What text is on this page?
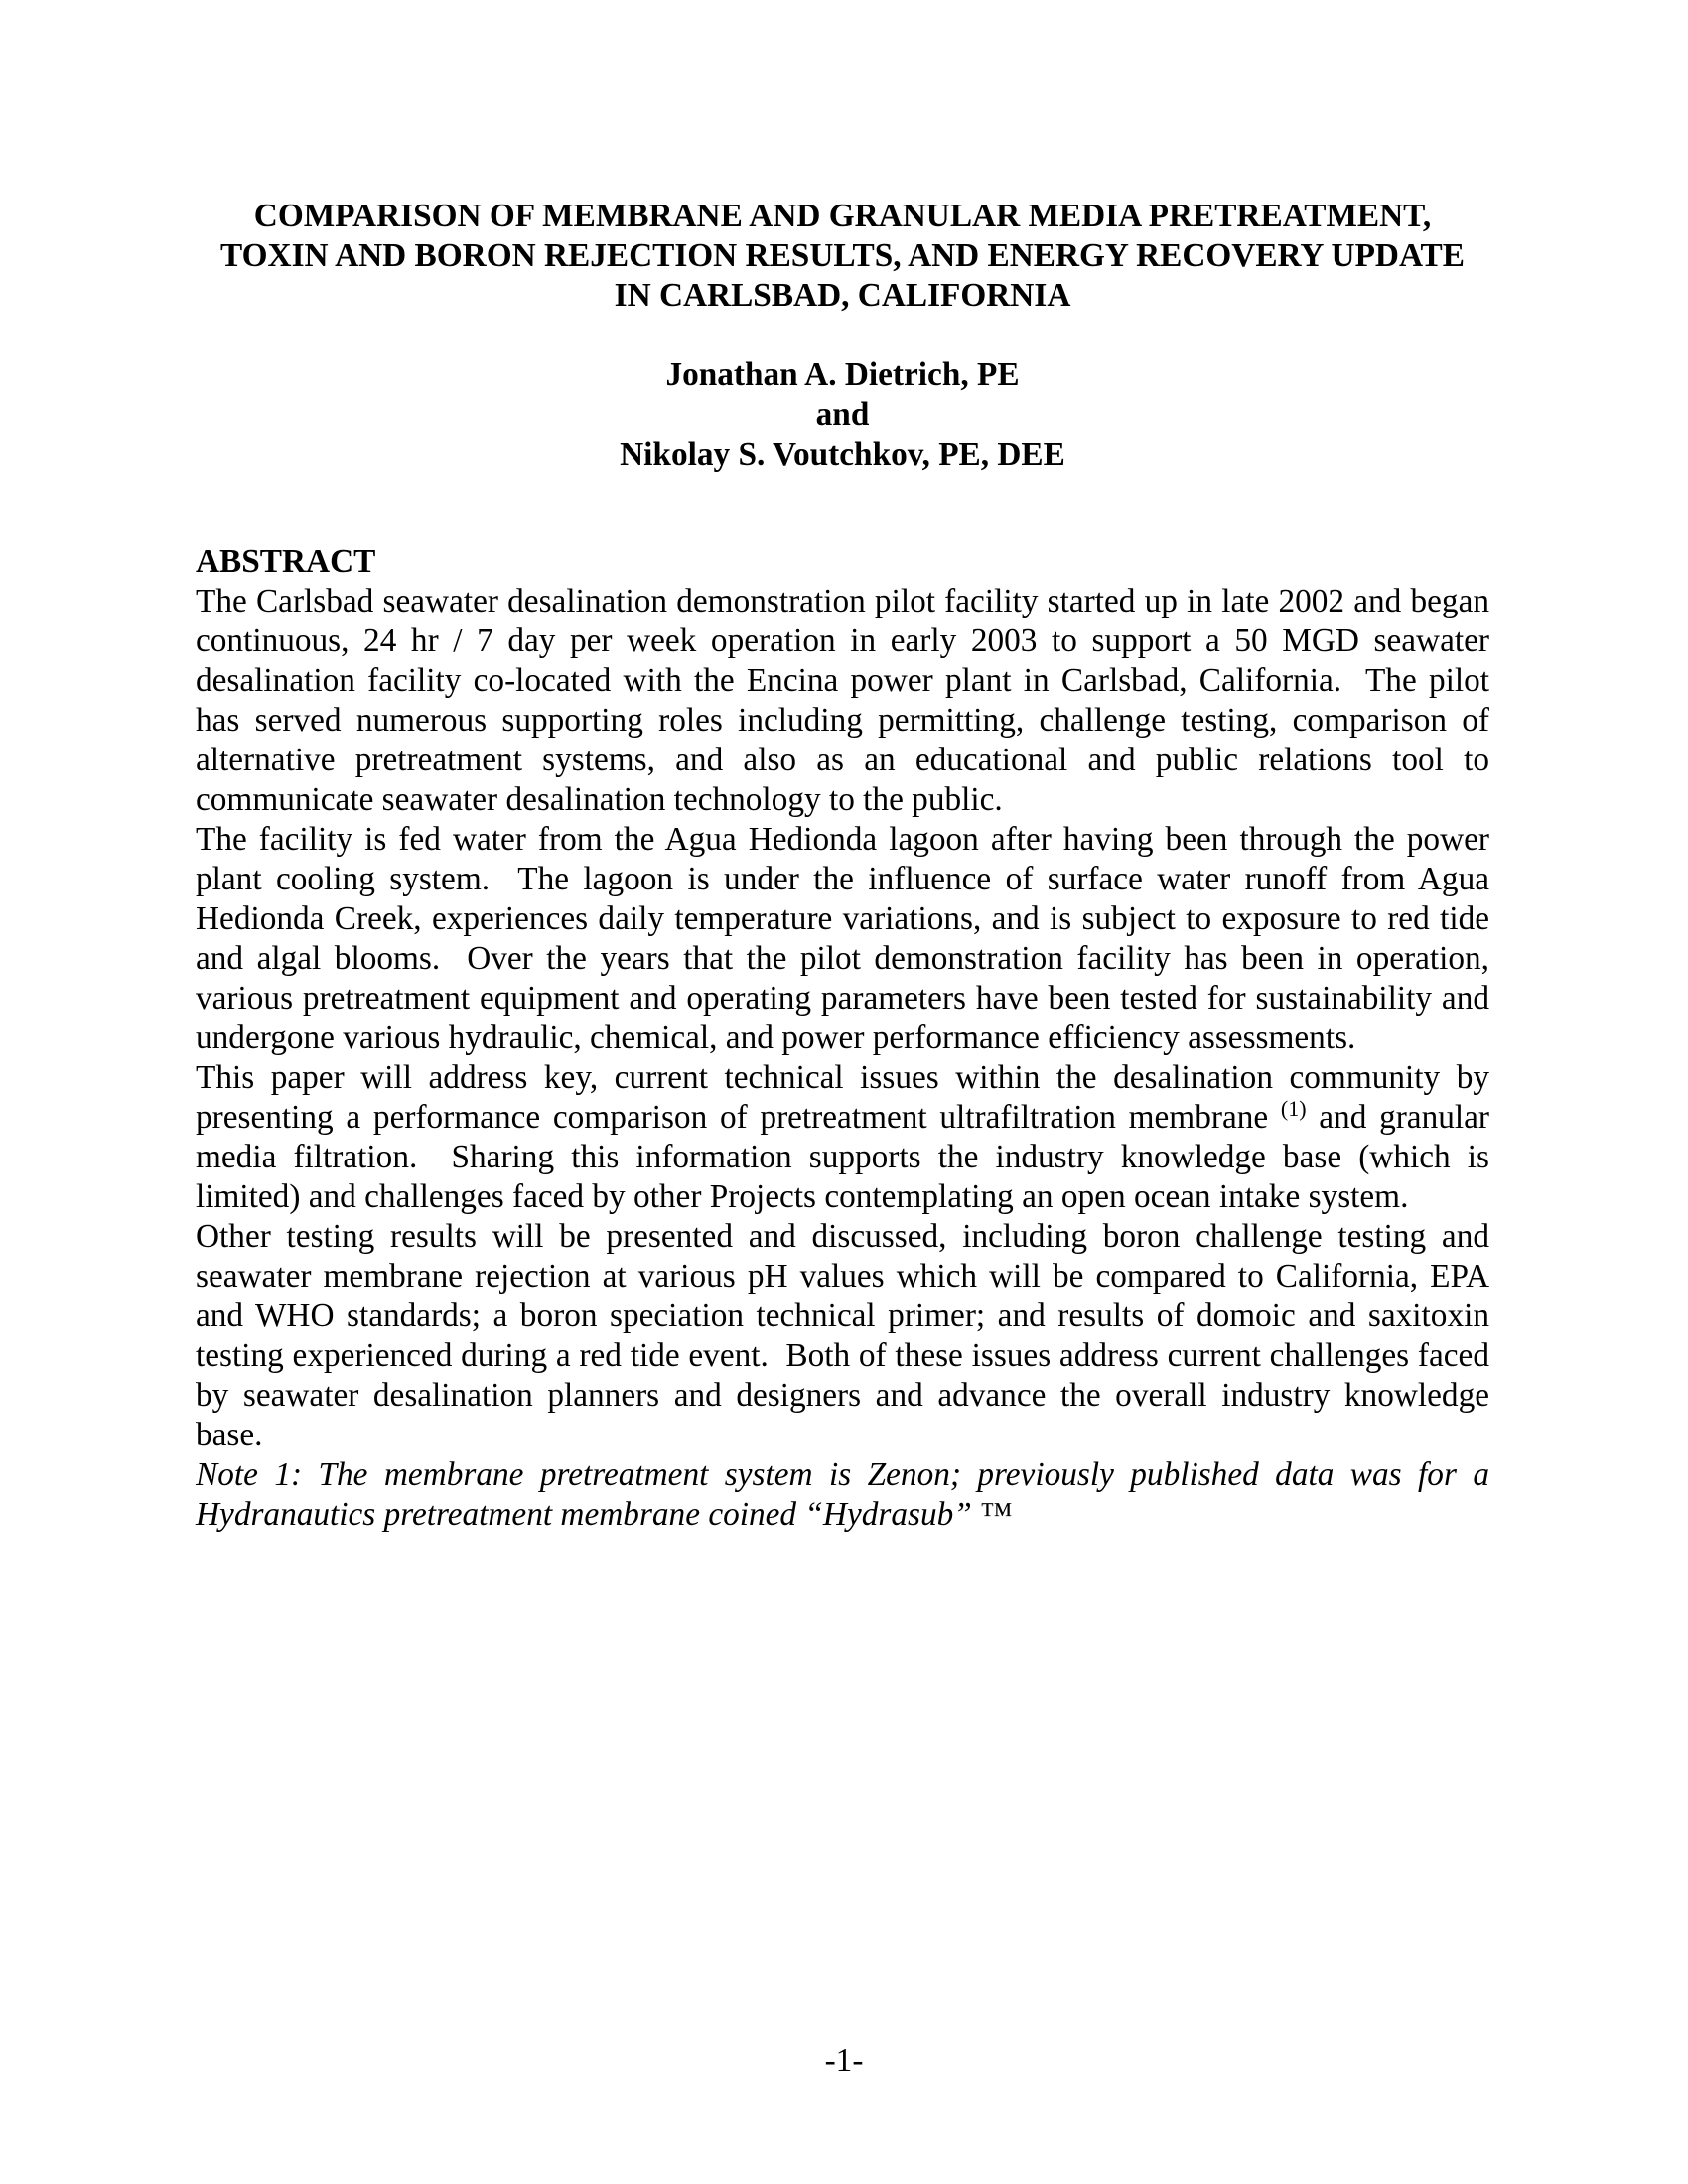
COMPARISON OF MEMBRANE AND GRANULAR MEDIA PRETREATMENT,
TOXIN AND BORON REJECTION RESULTS, AND ENERGY RECOVERY UPDATE
IN CARLSBAD, CALIFORNIA
Jonathan A. Dietrich, PE
and
Nikolay S. Voutchkov, PE, DEE
ABSTRACT

The Carlsbad seawater desalination demonstration pilot facility started up in late 2002 and began continuous, 24 hr / 7 day per week operation in early 2003 to support a 50 MGD seawater desalination facility co-located with the Encina power plant in Carlsbad, California.  The pilot has served numerous supporting roles including permitting, challenge testing, comparison of alternative pretreatment systems, and also as an educational and public relations tool to communicate seawater desalination technology to the public.

The facility is fed water from the Agua Hedionda lagoon after having been through the power plant cooling system.  The lagoon is under the influence of surface water runoff from Agua Hedionda Creek, experiences daily temperature variations, and is subject to exposure to red tide and algal blooms.  Over the years that the pilot demonstration facility has been in operation, various pretreatment equipment and operating parameters have been tested for sustainability and undergone various hydraulic, chemical, and power performance efficiency assessments.

This paper will address key, current technical issues within the desalination community by presenting a performance comparison of pretreatment ultrafiltration membrane $^{(1)}$ and granular media filtration.  Sharing this information supports the industry knowledge base (which is limited) and challenges faced by other Projects contemplating an open ocean intake system.

Other testing results will be presented and discussed, including boron challenge testing and seawater membrane rejection at various pH values which will be compared to California, EPA and WHO standards; a boron speciation technical primer; and results of domoic and saxitoxin testing experienced during a red tide event.  Both of these issues address current challenges faced by seawater desalination planners and designers and advance the overall industry knowledge base.

Note 1: The membrane pretreatment system is Zenon; previously published data was for a Hydranautics pretreatment membrane coined “Hydrasub” ™

-1-
